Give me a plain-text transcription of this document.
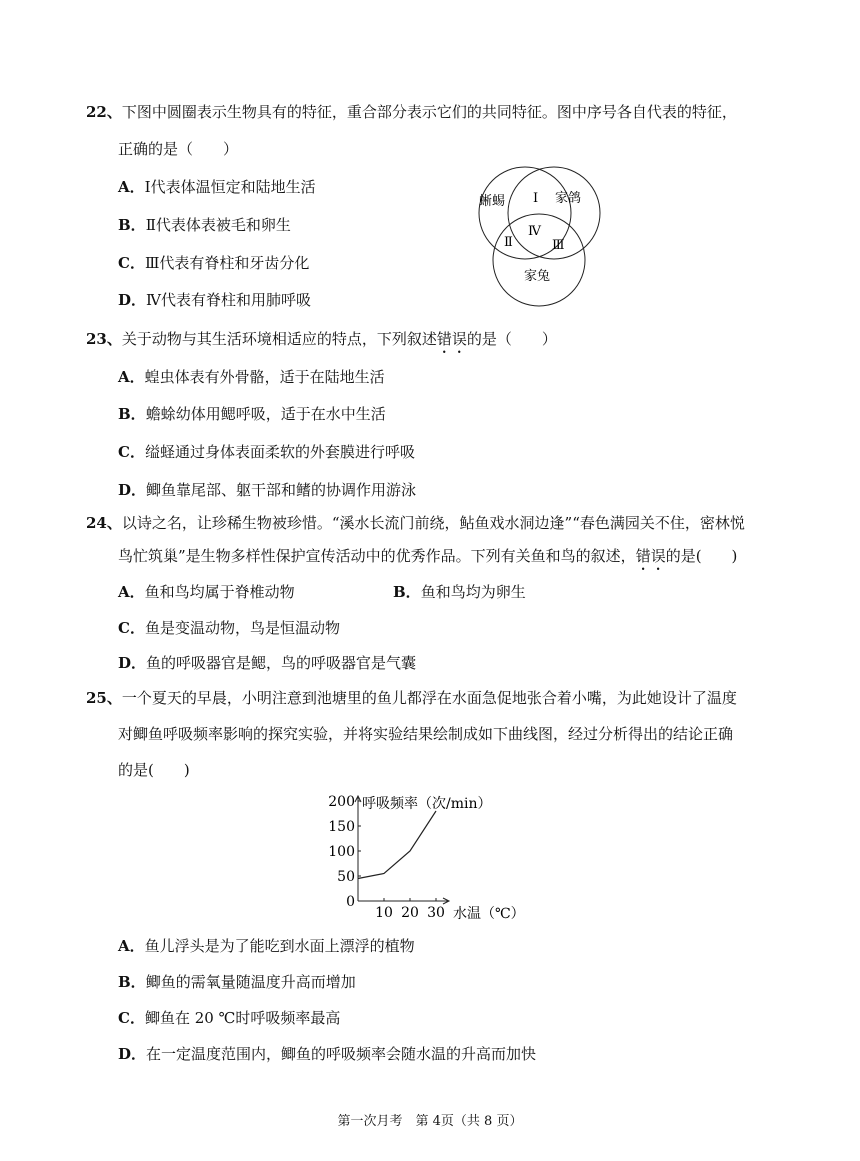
22、下图中圆圈表示生物具有的特征，重合部分表示它们的共同特征。图中序号各自代表的特征，
正确的是（　　）
A．Ⅰ代表体温恒定和陆地生活
B．Ⅱ代表体表被毛和卵生
C．Ⅲ代表有脊柱和牙齿分化
D．Ⅳ代表有脊柱和用肺呼吸
蜥蜴	家鸽
家兔
Ⅰ
Ⅱ	Ⅲ
Ⅳ
23、关于动物与其生活环境相适应的特点，下列叙述错误的是（　　）
A．蝗虫体表有外骨骼，适于在陆地生活
B．蟾蜍幼体用鳃呼吸，适于在水中生活
C．缢蛏通过身体表面柔软的外套膜进行呼吸
D．鲫鱼靠尾部、躯干部和鳍的协调作用游泳
24、以诗之名，让珍稀生物被珍惜。“溪水长流门前绕，鲇鱼戏水洞边逢”“春色满园关不住，密林悦
鸟忙筑巢”是生物多样性保护宣传活动中的优秀作品。下列有关鱼和鸟的叙述，错误的是(　　)
A．鱼和鸟均属于脊椎动物	B．鱼和鸟均为卵生
C．鱼是变温动物，鸟是恒温动物
D．鱼的呼吸器官是鳃，鸟的呼吸器官是气囊
25、一个夏天的早晨，小明注意到池塘里的鱼儿都浮在水面急促地张合着小嘴，为此她设计了温度
对鲫鱼呼吸频率影响的探究实验，并将实验结果绘制成如下曲线图，经过分析得出的结论正确
的是(　　)
0
50
100
150
200
10 20 30
呼吸频率（次/min）
水温（℃）
A．鱼儿浮头是为了能吃到水面上漂浮的植物
B．鲫鱼的需氧量随温度升高而增加
C．鲫鱼在 20 ℃时呼吸频率最高
D．在一定温度范围内，鲫鱼的呼吸频率会随水温的升高而加快
第一次月考　第 4页（共 8 页）
